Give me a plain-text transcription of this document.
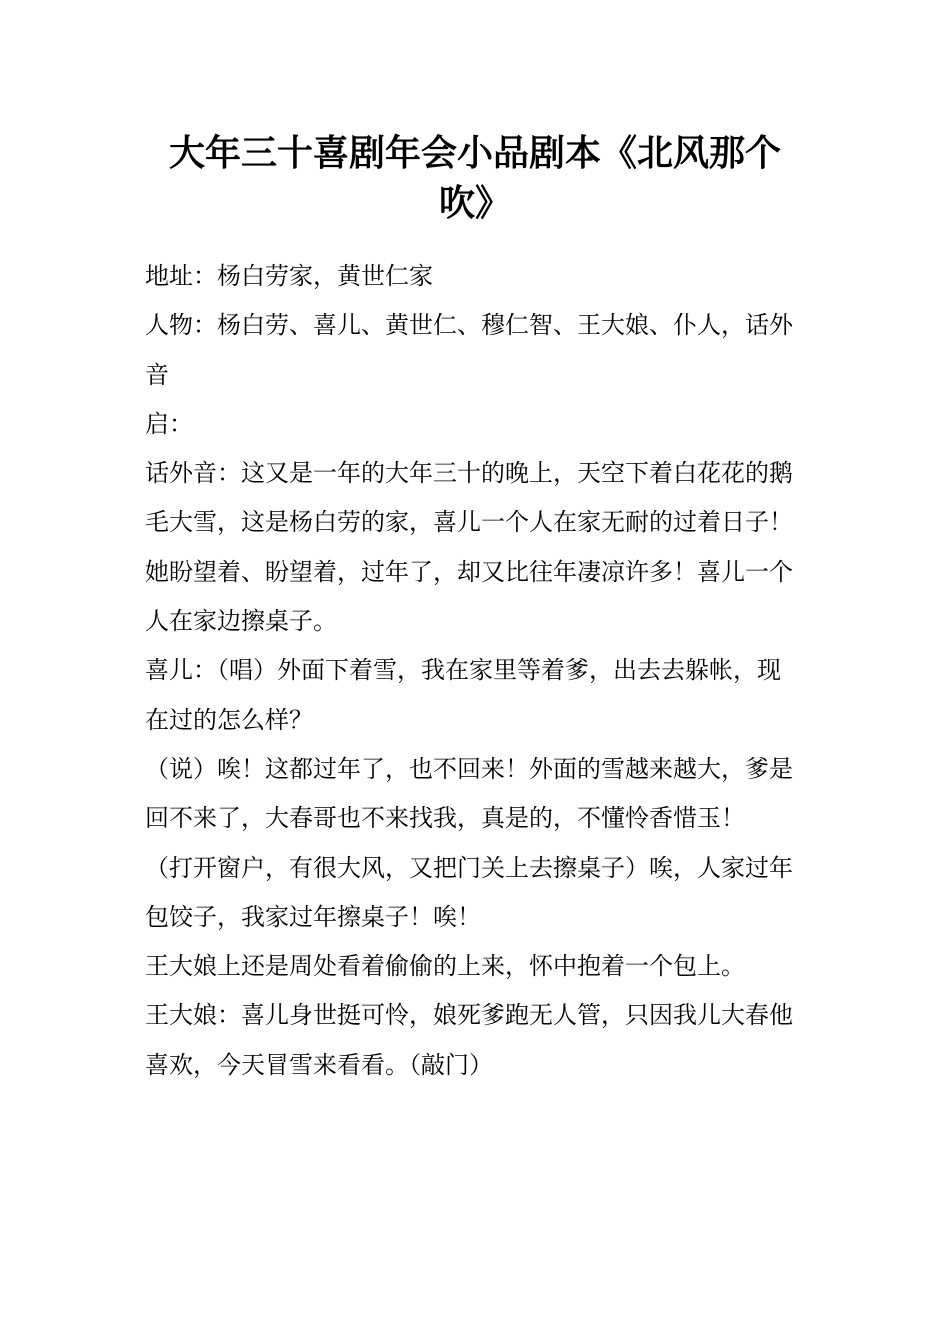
大年三十喜剧年会小品剧本《北风那个吹》

地址：杨白劳家，黄世仁家

人物：杨白劳、喜儿、黄世仁、穆仁智、王大娘、仆人，话外音

启：

话外音：这又是一年的大年三十的晚上，天空下着白花花的鹅毛大雪，这是杨白劳的家，喜儿一个人在家无耐的过着日子！

她盼望着、盼望着，过年了，却又比往年凄凉许多！喜儿一个人在家边擦桌子。

喜儿：（唱）外面下着雪，我在家里等着爹，出去去躲帐，现在过的怎么样？

（说）唉！这都过年了，也不回来！外面的雪越来越大，爹是回不来了，大春哥也不来找我，真是的，不懂怜香惜玉！

（打开窗户，有很大风，又把门关上去擦桌子）唉，人家过年包饺子，我家过年擦桌子！唉！

王大娘上还是周处看着偷偷的上来，怀中抱着一个包上。

王大娘：喜儿身世挺可怜，娘死爹跑无人管，只因我儿大春他喜欢，今天冒雪来看看。（敲门）
